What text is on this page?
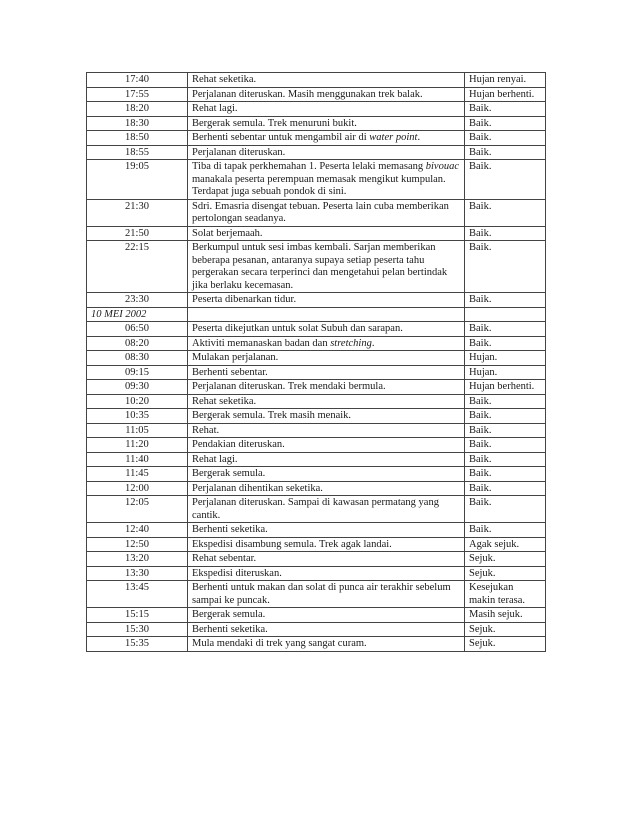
17:40	Rehat seketika.	Hujan renyai.
17:55	Perjalanan diteruskan. Masih menggunakan trek balak.	Hujan berhenti.
18:20	Rehat lagi.	Baik.
18:30	Bergerak semula. Trek menuruni bukit.	Baik.
18:50	Berhenti sebentar untuk mengambil air di water point.	Baik.
18:55	Perjalanan diteruskan.	Baik.
19:05	Tiba di tapak perkhemahan 1. Peserta lelaki memasang bivouac manakala peserta perempuan memasak mengikut kumpulan. Terdapat juga sebuah pondok di sini.	Baik.
21:30	Sdri. Emasria disengat tebuan. Peserta lain cuba memberikan pertolongan seadanya.	Baik.
21:50	Solat berjemaah.	Baik.
22:15	Berkumpul untuk sesi imbas kembali. Sarjan memberikan beberapa pesanan, antaranya supaya setiap peserta tahu pergerakan secara terperinci dan mengetahui pelan bertindak jika berlaku kecemasan.	Baik.
23:30	Peserta dibenarkan tidur.	Baik.
10 MEI 2002		
06:50	Peserta dikejutkan untuk solat Subuh dan sarapan.	Baik.
08:20	Aktiviti memanaskan badan dan stretching.	Baik.
08:30	Mulakan perjalanan.	Hujan.
09:15	Berhenti sebentar.	Hujan.
09:30	Perjalanan diteruskan. Trek mendaki bermula.	Hujan berhenti.
10:20	Rehat seketika.	Baik.
10:35	Bergerak semula. Trek masih menaik.	Baik.
11:05	Rehat.	Baik.
11:20	Pendakian diteruskan.	Baik.
11:40	Rehat lagi.	Baik.
11:45	Bergerak semula.	Baik.
12:00	Perjalanan dihentikan seketika.	Baik.
12:05	Perjalanan diteruskan. Sampai di kawasan permatang yang cantik.	Baik.
12:40	Berhenti seketika.	Baik.
12:50	Ekspedisi disambung semula. Trek agak landai.	Agak sejuk.
13:20	Rehat sebentar.	Sejuk.
13:30	Ekspedisi diteruskan.	Sejuk.
13:45	Berhenti untuk makan dan solat di punca air terakhir sebelum sampai ke puncak.	Kesejukan makin terasa.
15:15	Bergerak semula.	Masih sejuk.
15:30	Berhenti seketika.	Sejuk.
15:35	Mula mendaki di trek yang sangat curam.	Sejuk.
